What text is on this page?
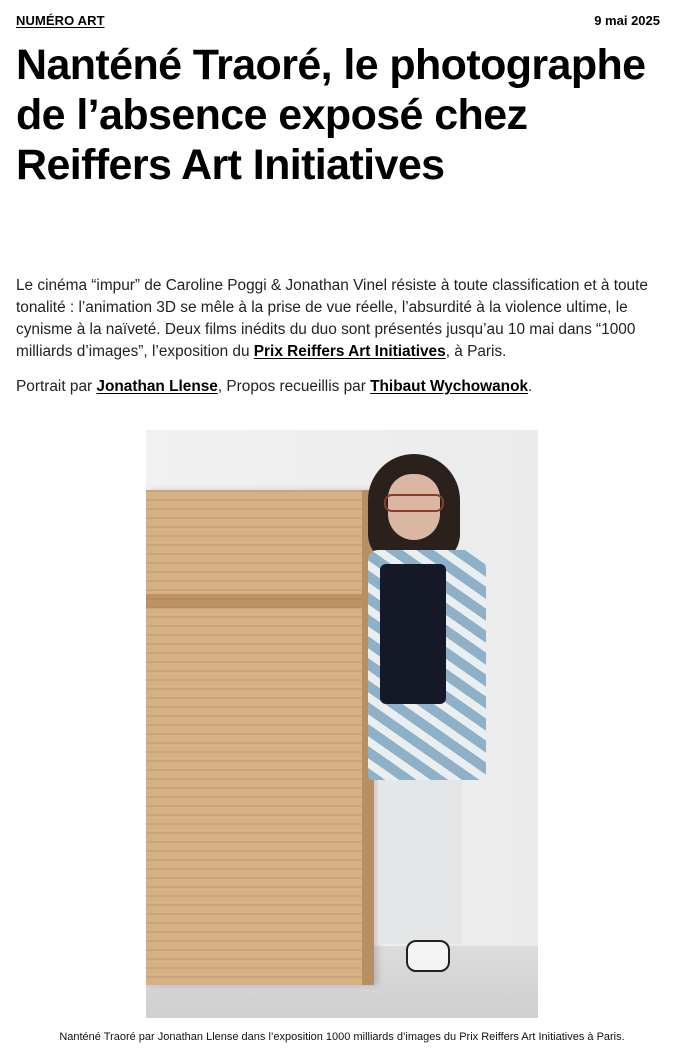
NUMÉRO ART	9 mai 2025
Nanténé Traoré, le photographe de l’absence exposé chez Reiffers Art Initiatives

Le cinéma “impur” de Caroline Poggi & Jonathan Vinel résiste à toute classification et à toute tonalité : l’animation 3D se mêle à la prise de vue réelle, l’absurdité à la violence ultime, le cynisme à la naïveté. Deux films inédits du duo sont présentés jusqu’au 10 mai dans “1000 milliards d’images”, l’exposition du Prix Reiffers Art Initiatives, à Paris.

Portrait par Jonathan Llense, Propos recueillis par Thibaut Wychowanok.

Nanténé Traoré par Jonathan Llense dans l’exposition 1000 milliards d’images du Prix Reiffers Art Initiatives à Paris.
